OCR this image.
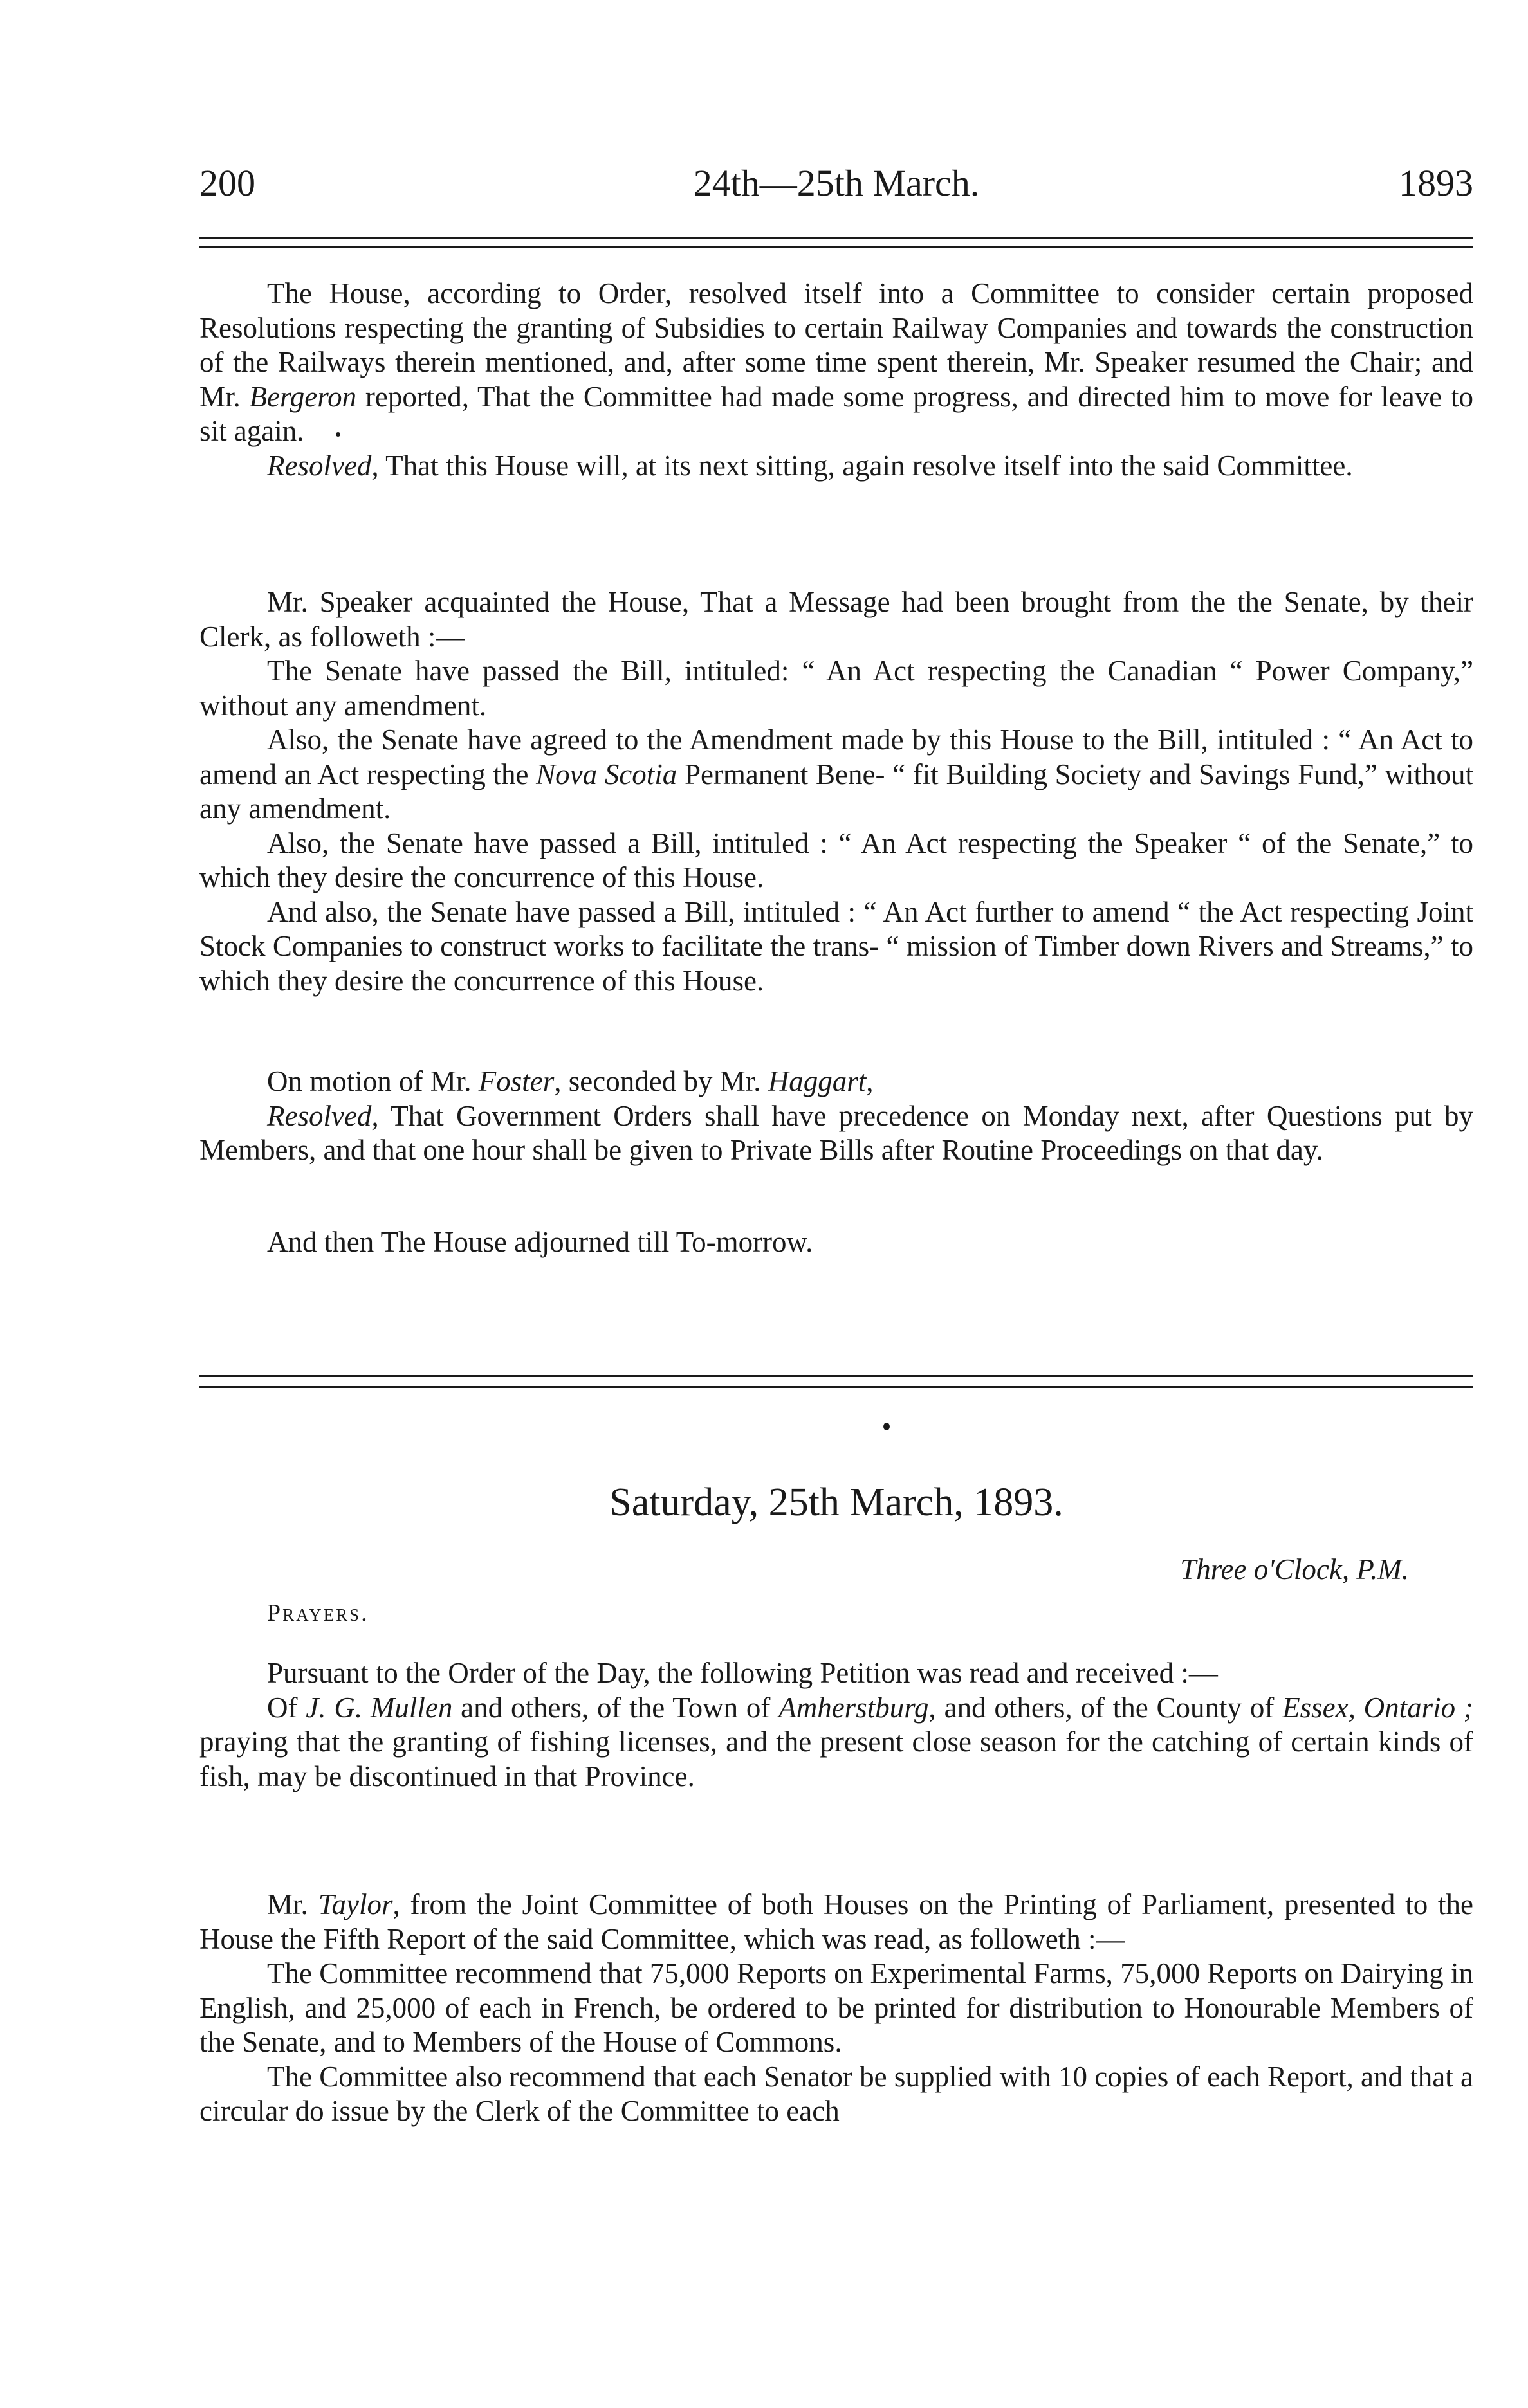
200	24th—25th March.	1893

The House, according to Order, resolved itself into a Committee to consider certain proposed Resolutions respecting the granting of Subsidies to certain Railway Companies and towards the construction of the Railways therein mentioned, and, after some time spent therein, Mr. Speaker resumed the Chair; and Mr. Bergeron reported, That the Committee had made some progress, and directed him to move for leave to sit again.

Resolved, That this House will, at its next sitting, again resolve itself into the said Committee.

Mr. Speaker acquainted the House, That a Message had been brought from the the Senate, by their Clerk, as followeth :—

The Senate have passed the Bill, intituled: “ An Act respecting the Canadian “ Power Company,” without any amendment.

Also, the Senate have agreed to the Amendment made by this House to the Bill, intituled : “ An Act to amend an Act respecting the Nova Scotia Permanent Bene- “ fit Building Society and Savings Fund,” without any amendment.

Also, the Senate have passed a Bill, intituled : “ An Act respecting the Speaker “ of the Senate,” to which they desire the concurrence of this House.

And also, the Senate have passed a Bill, intituled : “ An Act further to amend “ the Act respecting Joint Stock Companies to construct works to facilitate the trans- “ mission of Timber down Rivers and Streams,” to which they desire the concurrence of this House.

On motion of Mr. Foster, seconded by Mr. Haggart,

Resolved, That Government Orders shall have precedence on Monday next, after Questions put by Members, and that one hour shall be given to Private Bills after Routine Proceedings on that day.

And then The House adjourned till To-morrow.

Saturday, 25th March, 1893.
Three o'Clock, P.M.
Prayers.

Pursuant to the Order of the Day, the following Petition was read and received :—

Of J. G. Mullen and others, of the Town of Amherstburg, and others, of the County of Essex, Ontario ; praying that the granting of fishing licenses, and the present close season for the catching of certain kinds of fish, may be discontinued in that Province.

Mr. Taylor, from the Joint Committee of both Houses on the Printing of Parliament, presented to the House the Fifth Report of the said Committee, which was read, as followeth :—

The Committee recommend that 75,000 Reports on Experimental Farms, 75,000 Reports on Dairying in English, and 25,000 of each in French, be ordered to be printed for distribution to Honourable Members of the Senate, and to Members of the House of Commons.

The Committee also recommend that each Senator be supplied with 10 copies of each Report, and that a circular do issue by the Clerk of the Committee to each
